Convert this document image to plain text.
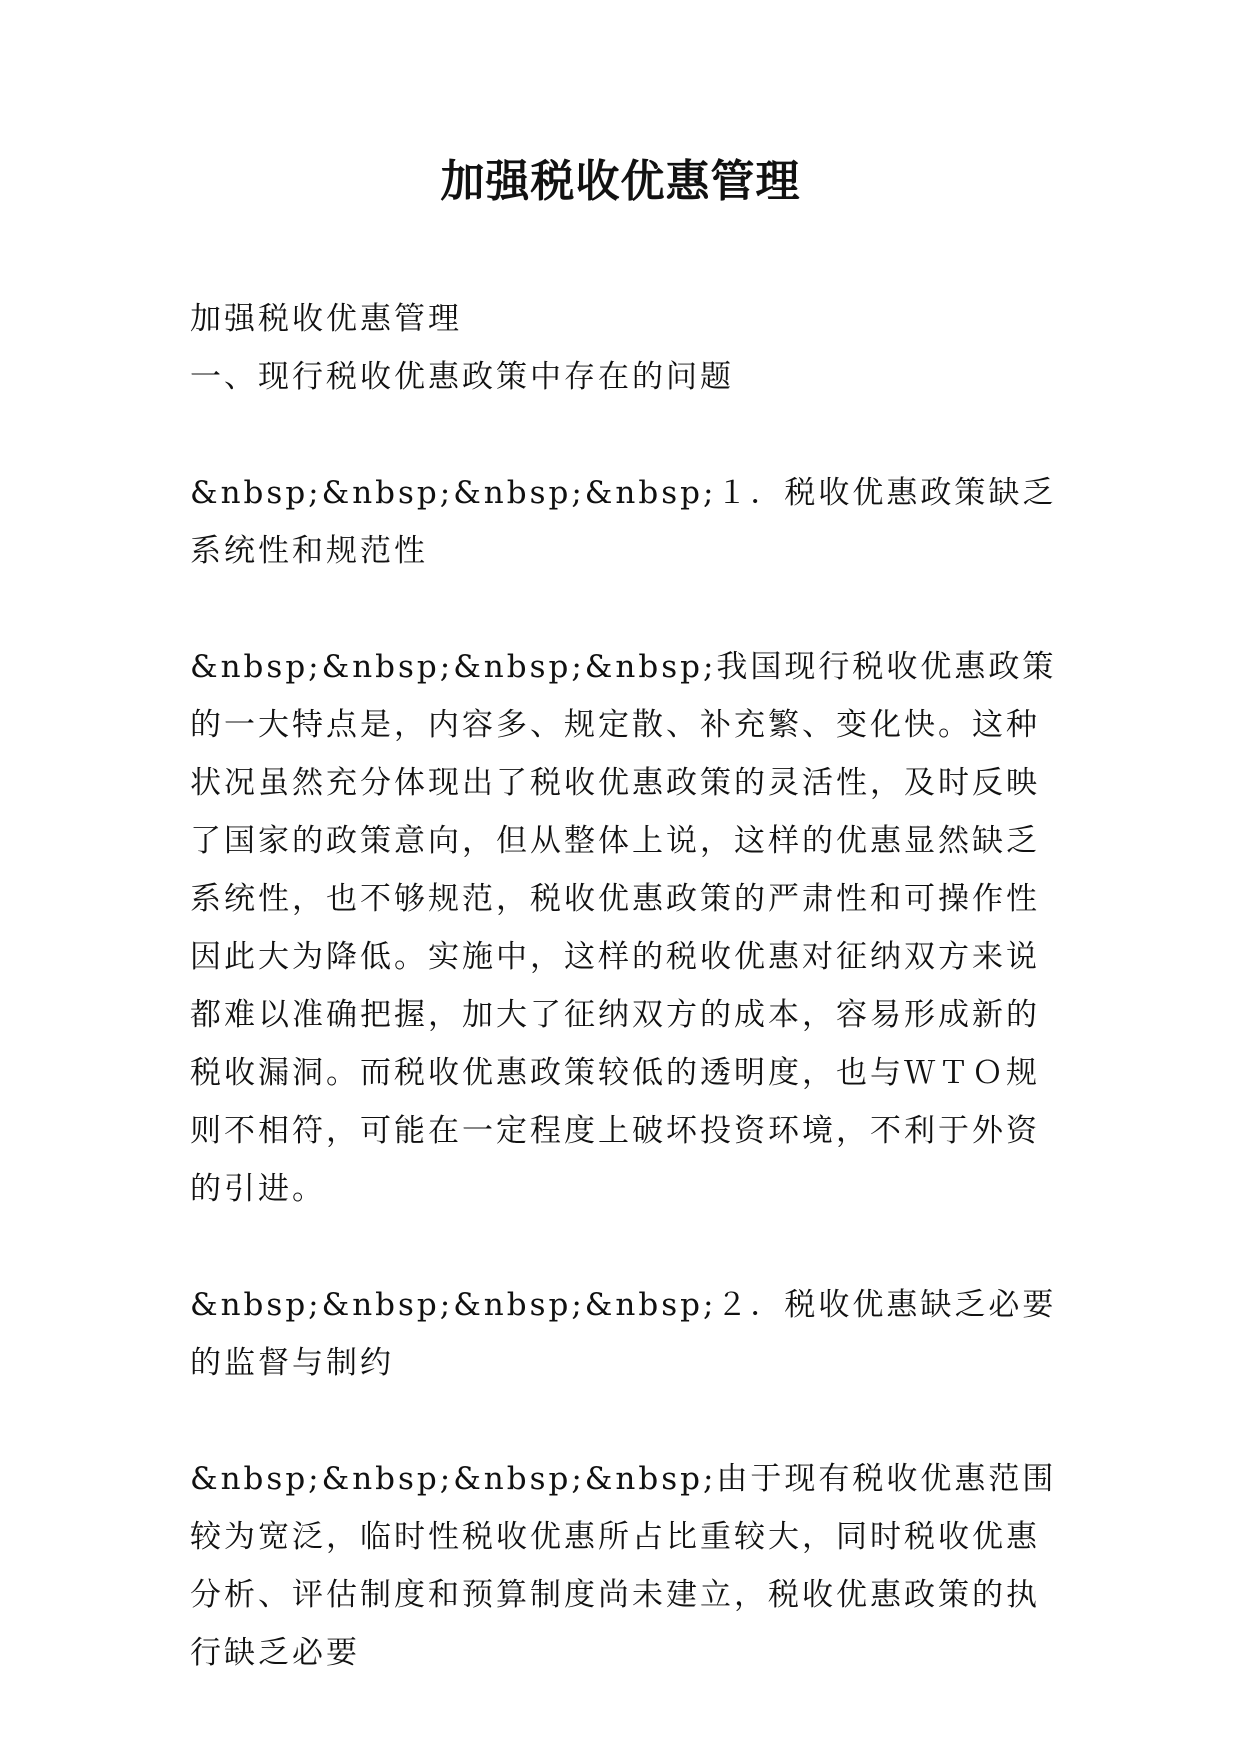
加强税收优惠管理

加强税收优惠管理

一、现行税收优惠政策中存在的问题

&nbsp;&nbsp;&nbsp;&nbsp;１．税收优惠政策缺乏系统性和规范性

&nbsp;&nbsp;&nbsp;&nbsp;我国现行税收优惠政策的一大特点是，内容多、规定散、补充繁、变化快。这种状况虽然充分体现出了税收优惠政策的灵活性，及时反映了国家的政策意向，但从整体上说，这样的优惠显然缺乏系统性，也不够规范，税收优惠政策的严肃性和可操作性因此大为降低。实施中，这样的税收优惠对征纳双方来说都难以准确把握，加大了征纳双方的成本，容易形成新的税收漏洞。而税收优惠政策较低的透明度，也与ＷＴＯ规则不相符，可能在一定程度上破坏投资环境，不利于外资的引进。

&nbsp;&nbsp;&nbsp;&nbsp;２．税收优惠缺乏必要的监督与制约

&nbsp;&nbsp;&nbsp;&nbsp;由于现有税收优惠范围较为宽泛，临时性税收优惠所占比重较大，同时税收优惠分析、评估制度和预算制度尚未建立，税收优惠政策的执行缺乏必要
